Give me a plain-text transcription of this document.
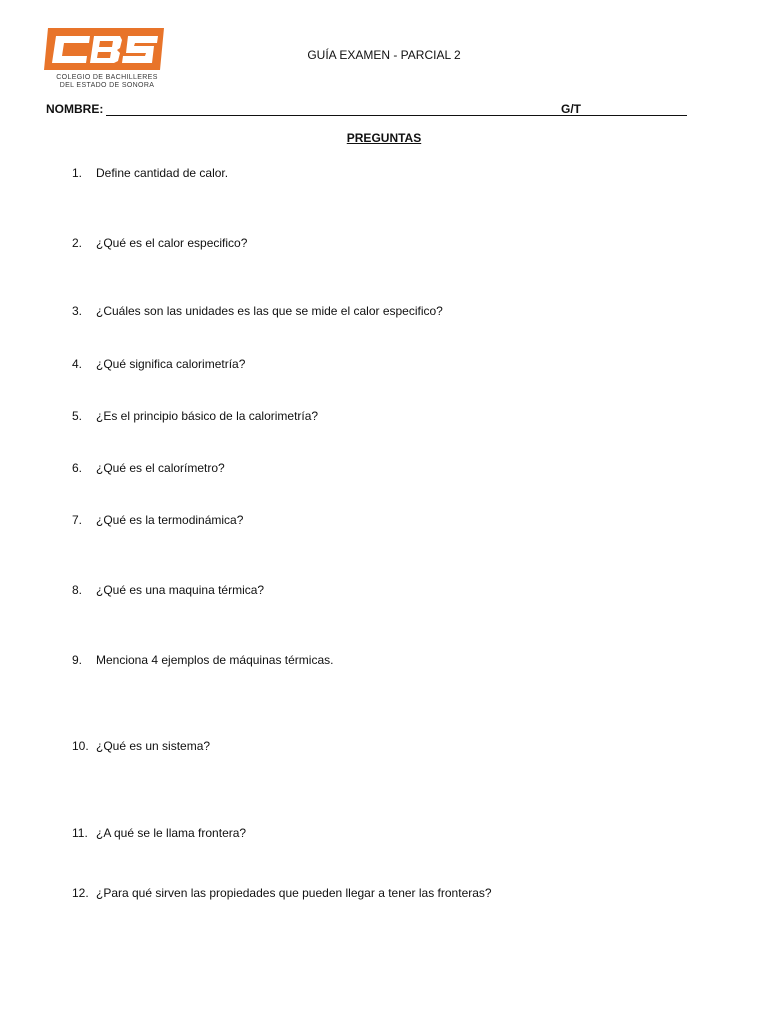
COLEGIO DE BACHILLERES
DEL ESTADO DE SONORA
GUÍA EXAMEN - PARCIAL 2
NOMBRE:	G/T
PREGUNTAS
1.	Define cantidad de calor.
2.	¿Qué es el calor especifico?
3.	¿Cuáles son las unidades es las que se mide el calor especifico?
4.	¿Qué significa calorimetría?
5.	¿Es el principio básico de la calorimetría?
6.	¿Qué es el calorímetro?
7.	¿Qué es la termodinámica?
8.	¿Qué es una maquina térmica?
9.	Menciona 4 ejemplos de máquinas térmicas.
10. ¿Qué es un sistema?
11. ¿A qué se le llama frontera?
12. ¿Para qué sirven las propiedades que pueden llegar a tener las fronteras?
